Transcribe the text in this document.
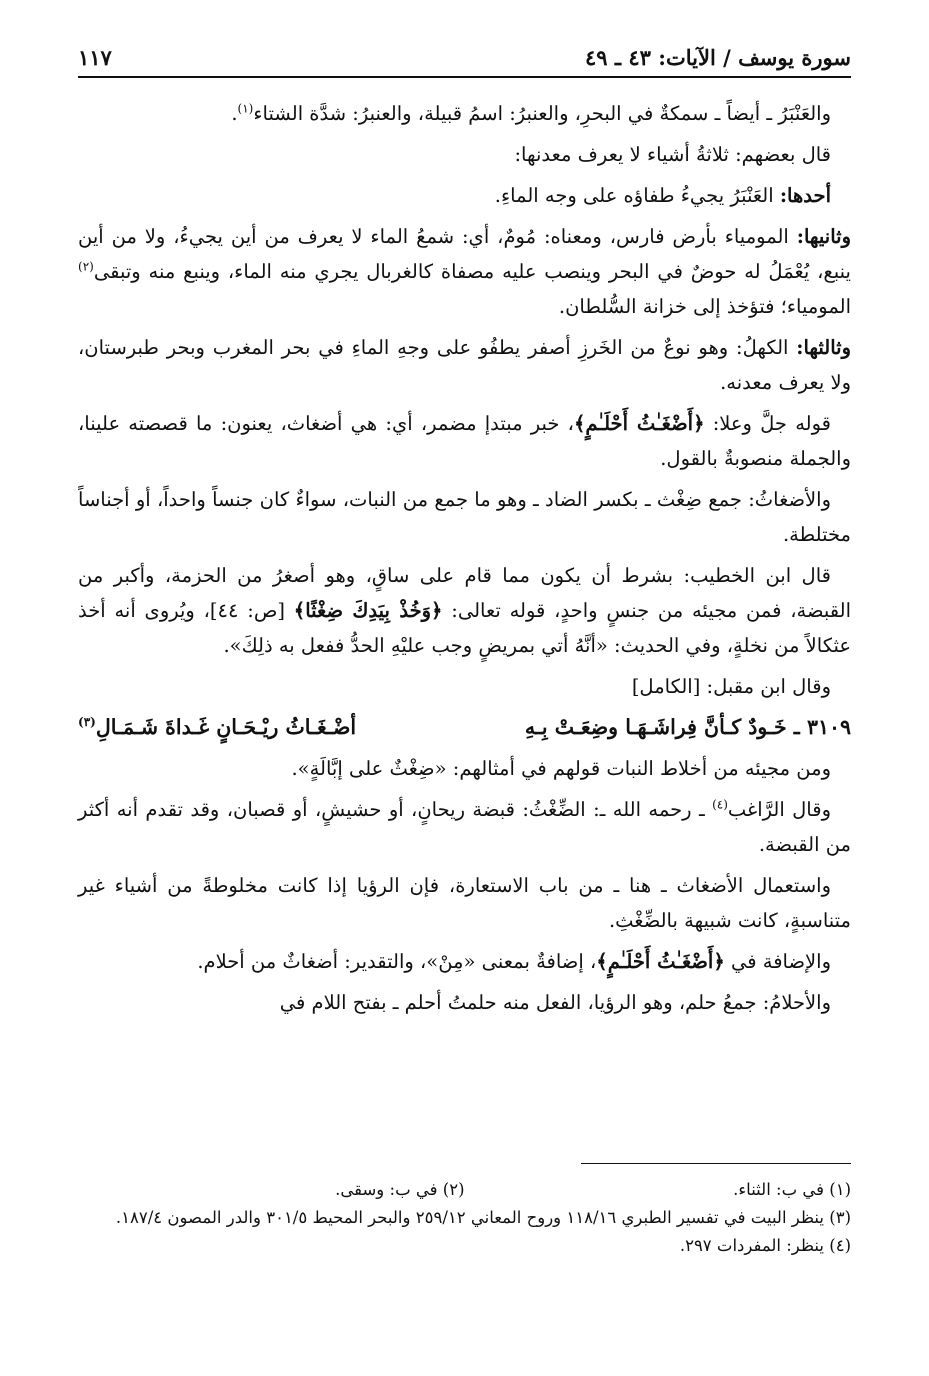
سورة يوسف / الآيات: ٤٣ ـ ٤٩
١١٧

والعَنْبَرُ ـ أيضاً ـ سمكةٌ في البحرِ، والعنبرُ: اسمُ قبيلة، والعنبرُ: شدَّة الشتاء$^{(١)}$.

قال بعضهم: ثلاثةُ أشياء لا يعرف معدنها:

أحدها: العَنْبَرُ يجيءُ طفاؤه على وجه الماءِ.

وثانيها: المومياء بأرض فارس، ومعناه: مُومٌ، أي: شمعُ الماء لا يعرف من أين يجيءُ، ولا من أين ينبع، يُعْمَلُ له حوضٌ في البحر وينصب عليه مصفاة كالغربال يجري منه الماء، وينبع منه وتبقى$^{(٢)}$ المومياء؛ فتؤخذ إلى خزانة السُّلطان.

وثالثها: الكهلُ: وهو نوعٌ من الخَرزِ أصفر يطفُو على وجهِ الماءِ في بحر المغرب وبحر طبرستان، ولا يعرف معدنه.

قوله جلَّ وعلا: ﴿أَضْغَـٰثُ أَحْلَـٰمٍ﴾، خبر مبتدإ مضمر، أي: هي أضغاث، يعنون: ما قصصته علينا، والجملة منصوبةٌ بالقول.

والأضغاثُ: جمع ضِغْث ـ بكسر الضاد ـ وهو ما جمع من النبات، سواءٌ كان جنساً واحداً، أو أجناساً مختلطة.

قال ابن الخطيب: بشرط أن يكون مما قام على ساقٍ، وهو أصغرُ من الحزمة، وأكبر من القبضة، فمن مجيئه من جنسٍ واحدٍ، قوله تعالى: ﴿وَخُذْ بِيَدِكَ ضِغْثًا﴾ [ص: ٤٤]، ويُروى أنه أخذ عثكالاً من نخلةٍ، وفي الحديث: «أنَّهُ أتي بمريضٍ وجب عليْهِ الحدُّ ففعل به ذلِكَ».

وقال ابن مقبل: [الكامل]

٣١٠٩ ـ خَـودٌ كـأنَّ فِراشَـهَـا وضِعَـتْ بِـهِ
أضْـغَـاثُ ريْـحَـانٍ غَـداةَ شَـمَـالِ$^{(٣)}$

ومن مجيئه من أخلاط النبات قولهم في أمثالهم: «ضِغْثٌ على إبَّالَةٍ».

وقال الرَّاغب$^{(٤)}$ ـ رحمه الله ـ: الضِّغْثُ: قبضة ريحانٍ، أو حشيشٍ، أو قصبان، وقد تقدم أنه أكثر من القبضة.

واستعمال الأضغاث ـ هنا ـ من باب الاستعارة، فإن الرؤيا إذا كانت مخلوطةً من أشياء غير متناسبةٍ، كانت شبيهة بالضِّغْثِ.

والإضافة في ﴿أَضْغَـٰثُ أَحْلَـٰمٍ﴾، إضافةٌ بمعنى «مِنْ»، والتقدير: أضغاثٌ من أحلام.

والأحلامُ: جمعُ حلم، وهو الرؤيا، الفعل منه حلمتُ أحلم ـ بفتح اللام في

(١) في ب: الثناء.
(٢) في ب: وسقى.

(٣) ينظر البيت في تفسير الطبري ١١٨/١٦ وروح المعاني ٢٥٩/١٢ والبحر المحيط ٣٠١/٥ والدر المصون ١٨٧/٤.

(٤) ينظر: المفردات ٢٩٧.
